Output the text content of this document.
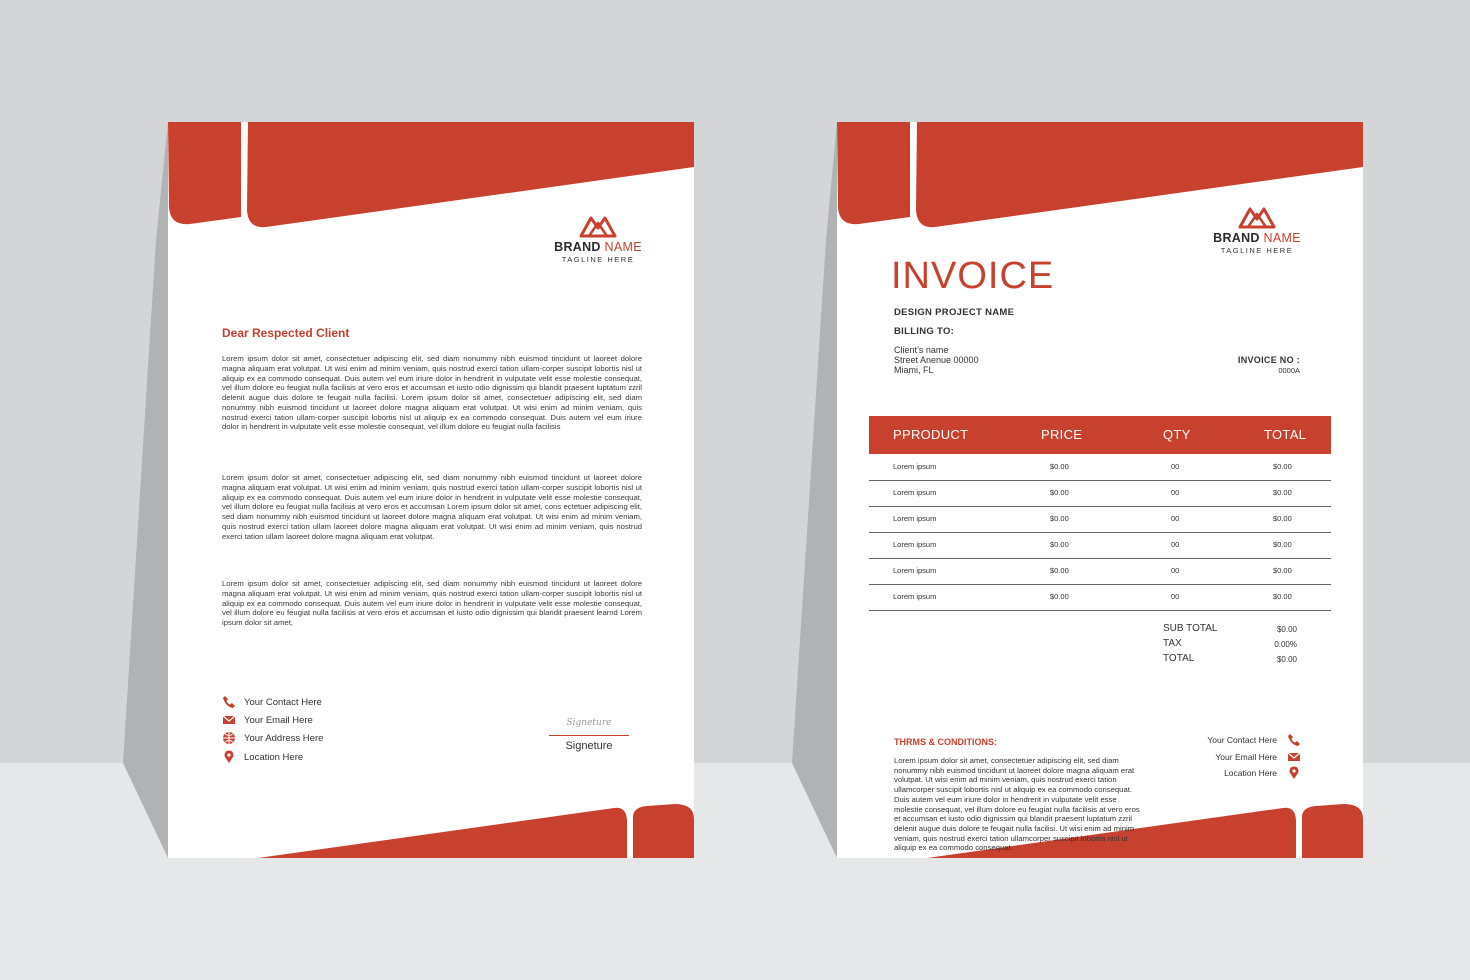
BRAND NAME
TAGLINE HERE
Dear Respected Client
Lorem ipsum dolor sit amet, consectetuer adipiscing elit, sed diam nonummy nibh euismod tincidunt ut laoreet dolore magna aliquam erat volutpat. Ut wisi enim ad minim veniam, quis nostrud exerci tation ullam-corper suscipit lobortis nisl ut aliquip ex ea commodo consequat. Duis autem vel eum iriure dolor in hendrerit in vulputate velit esse molestie consequat, vel illum dolore eu feugiat nulla facilisis at vero eros et accumsan et iusto odio dignissim qui blandit praesent luptatum zzril delenit augue duis dolore te feugait nulla facilisi. Lorem ipsum dolor sit amet, consectetuer adipiscing elit, sed diam nonummy nibh euismod tincidunt ut laoreet dolore magna aliquam erat volutpat. Ut wisi enim ad minim veniam, quis nostrud exerci tation ullam-corper suscipit lobortis nisl ut aliquip ex ea commodo consequat. Duis autem vel eum iriure dolor in hendrerit in vulputate velit esse molestie consequat, vel illum dolore eu feugiat nulla facilisis
Lorem ipsum dolor sit amet, consectetuer adipiscing elit, sed diam nonummy nibh euismod tincidunt ut laoreet dolore magna aliquam erat volutpat. Ut wisi enim ad minim veniam, quis nostrud exerci tation ullam-corper suscipit lobortis nisl ut aliquip ex ea commodo consequat. Duis autem vel eum iriure dolor in hendrerit in vulputate velit esse molestie consequat, vel illum dolore eu feugiat nulla facilisis at vero eros et accumsan Lorem ipsum dolor sit amet, cons ectetuer adipiscing elit, sed diam nonummy nibh euismod tincidunt ut laoreet dolore magna aliquam erat volutpat. Ut wisi enim ad minim veniam, quis nostrud exerci tation ullam laoreet dolore magna aliquam erat volutpat. Ut wisi enim ad minim veniam, quis nostrud exerci tation ullam laoreet dolore magna aliquam erat volutpat.
Lorem ipsum dolor sit amet, consectetuer adipiscing elit, sed diam nonummy nibh euismod tincidunt ut laoreet dolore magna aliquam erat volutpat. Ut wisi enim ad minim veniam, quis nostrud exerci tation ullam-corper suscipit lobortis nisl ut aliquip ex ea commodo consequat. Duis autem vel eum iriure dolor in hendrerit in vulputate velit esse molestie consequat, vel illum dolore eu feugiat nulla facilisis at vero eros et accumsan et iusto odio dignissim qui blandit praesent learnd Lorem ipsum dolor sit amet,
Your Contact Here
Your Email Here
Your Address Here
Location Here
Signeture
Signeture
BRAND NAME
TAGLINE HERE
INVOICE
DESIGN PROJECT NAME
BILLING TO:
Client’s name
Street Anenue 00000
Miami, FL
INVOICE NO :
0000A
PPRODUCT	PRICE	QTY	TOTAL
Lorem ipsum	$0.00	00	$0.00
Lorem ipsum	$0.00	00	$0.00
Lorem ipsum	$0.00	00	$0.00
Lorem ipsum	$0.00	00	$0.00
Lorem ipsum	$0.00	00	$0.00
Lorem ipsum	$0.00	00	$0.00
SUB TOTAL	$0.00
TAX	0.00%
TOTAL	$0.00
THRMS & CONDITIONS:
Lorem ipsum dolor sit amet, consectetuer adipiscing elit, sed diam nonummy nibh euismod tincidunt ut laoreet dolore magna aliquam erat volutpat. Ut wisi enim ad minim veniam, quis nostrud exerci tation ullamcorper suscipit lobortis nisl ut aliquip ex ea commodo consequat. Duis autem vel eum iriure dolor in hendrerit in vulputate velit esse molestie consequat, vel illum dolore eu feugiat nulla facilisis at vero eros et accumsan et iusto odio dignissim qui blandit praesent luptatum zzril delenit augue duis dolore te feugait nulla facilisi. Ut wisi enim ad minim veniam, quis nostrud exerci tation ullamcorper suscipit lobortis nisl ut aliquip ex ea commodo consequat.
Your Contact Here
Your Email Here
Location Here
